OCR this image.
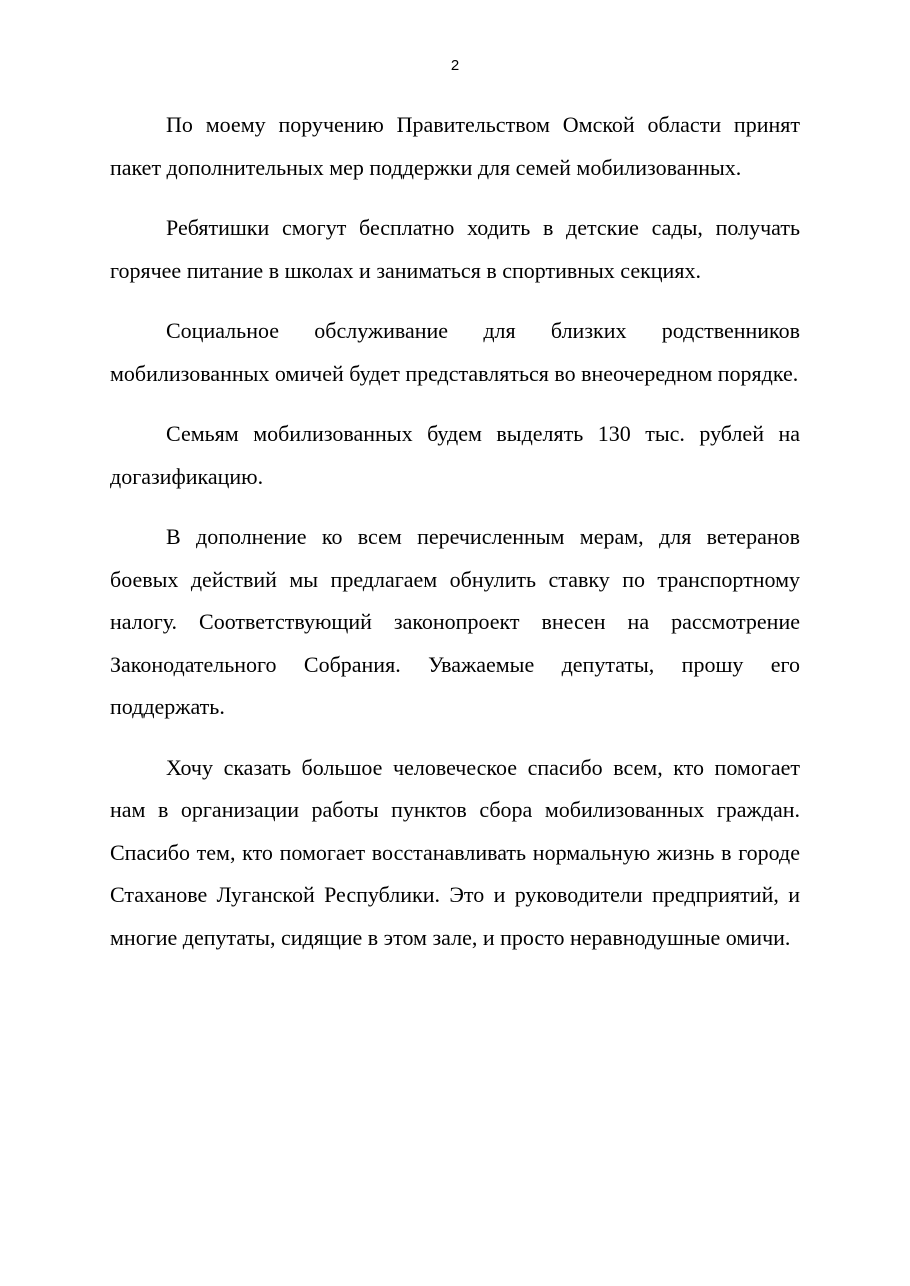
2

По моему поручению Правительством Омской области принят пакет дополнительных мер поддержки для семей мобилизованных.

Ребятишки смогут бесплатно ходить в детские сады, получать горячее питание в школах и заниматься в спортивных секциях.

Социальное обслуживание для близких родственников мобилизованных омичей будет представляться во внеочередном порядке.

Семьям мобилизованных будем выделять 130 тыс. рублей на догазификацию.

В дополнение ко всем перечисленным мерам, для ветеранов боевых действий мы предлагаем обнулить ставку по транспортному налогу. Соответствующий законопроект внесен на рассмотрение Законодательного Собрания. Уважаемые депутаты, прошу его поддержать.

Хочу сказать большое человеческое спасибо всем, кто помогает нам в организации работы пунктов сбора мобилизованных граждан. Спасибо тем, кто помогает восстанавливать нормальную жизнь в городе Стаханове Луганской Республики. Это и руководители предприятий, и многие депутаты, сидящие в этом зале, и просто неравнодушные омичи.
